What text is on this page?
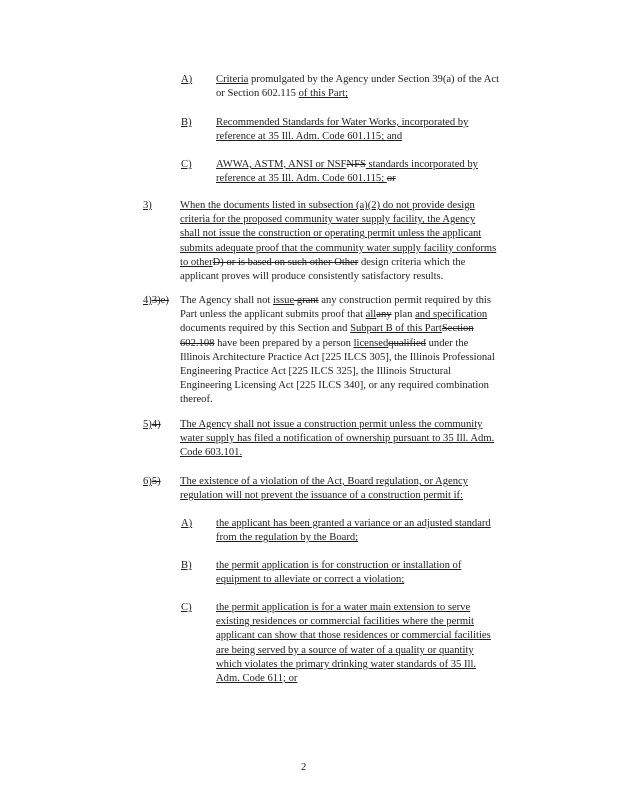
A) Criteria promulgated by the Agency under Section 39(a) of the Act
or Section 602.115 of this Part;
B) Recommended Standards for Water Works, incorporated by
reference at 35 Ill. Adm. Code 601.115; and
C) AWWA, ASTM, ANSI or NSFNFS standards incorporated by
reference at 35 Ill. Adm. Code 601.115; or
3)	When the documents listed in subsection (a)(2) do not provide design
criteria for the proposed community water supply facility, the Agency
shall not issue the construction or operating permit unless the applicant
submits adequate proof that the community water supply facility conforms
to otherD) or is based on such other Other design criteria which the
applicant proves will produce consistently satisfactory results.
4)3)e) The Agency shall not issue grant any construction permit required by this
Part unless the applicant submits proof that allany plan and specification
documents required by this Section and Subpart B of this PartSection
602.108 have been prepared by a person licensedqualified under the
Illinois Architecture Practice Act [225 ILCS 305], the Illinois Professional
Engineering Practice Act [225 ILCS 325], the Illinois Structural
Engineering Licensing Act [225 ILCS 340], or any required combination
thereof.
5)4) The Agency shall not issue a construction permit unless the community
water supply has filed a notification of ownership pursuant to 35 Ill. Adm.
Code 603.101.
6)5) The existence of a violation of the Act, Board regulation, or Agency
regulation will not prevent the issuance of a construction permit if:
A) the applicant has been granted a variance or an adjusted standard
from the regulation by the Board;
B) the permit application is for construction or installation of
equipment to alleviate or correct a violation;
C) the permit application is for a water main extension to serve
existing residences or commercial facilities where the permit
applicant can show that those residences or commercial facilities
are being served by a source of water of a quality or quantity
which violates the primary drinking water standards of 35 Ill.
Adm. Code 611; or
2
